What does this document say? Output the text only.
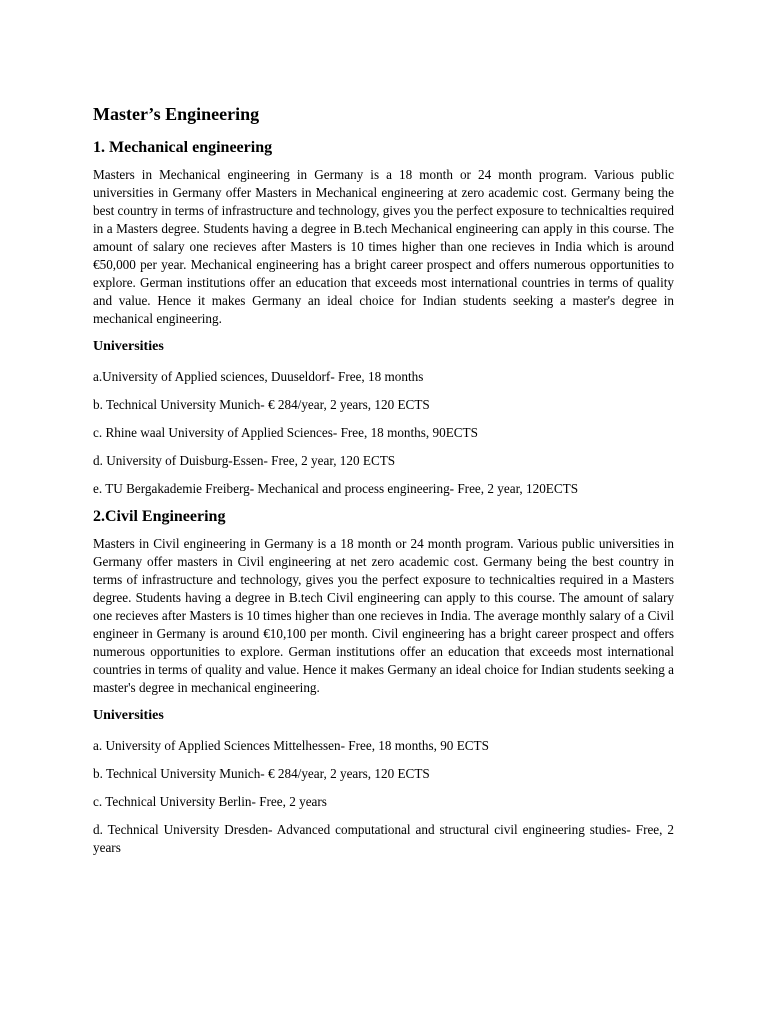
Master’s Engineering
1. Mechanical engineering

Masters in Mechanical engineering in Germany is a 18 month or 24 month program. Various public universities in Germany offer Masters in Mechanical engineering at zero academic cost. Germany being the best country in terms of infrastructure and technology, gives you the perfect exposure to technicalties required in a Masters degree. Students having a degree in B.tech Mechanical engineering can apply in this course. The amount of salary one recieves after Masters is 10 times higher than one recieves in India which is around €50,000 per year. Mechanical engineering has a bright career prospect and offers numerous opportunities to explore. German institutions offer an education that exceeds most international countries in terms of quality and value. Hence it makes Germany an ideal choice for Indian students seeking a master's degree in mechanical engineering.

Universities
a.University of Applied sciences, Duuseldorf- Free, 18 months
b. Technical University Munich- € 284/year, 2 years, 120 ECTS
c. Rhine waal University of Applied Sciences- Free, 18 months, 90ECTS
d. University of Duisburg-Essen- Free, 2 year, 120 ECTS
e. TU Bergakademie Freiberg- Mechanical and process engineering- Free, 2 year, 120ECTS
2.Civil Engineering

Masters in Civil engineering in Germany is a 18 month or 24 month program. Various public universities in Germany offer masters in Civil engineering at net zero academic cost. Germany being the best country in terms of infrastructure and technology, gives you the perfect exposure to technicalties required in a Masters degree. Students having a degree in B.tech Civil engineering can apply to this course. The amount of salary one recieves after Masters is 10 times higher than one recieves in India. The average monthly salary of a Civil engineer in Germany is around €10,100 per month. Civil engineering has a bright career prospect and offers numerous opportunities to explore. German institutions offer an education that exceeds most international countries in terms of quality and value. Hence it makes Germany an ideal choice for Indian students seeking a master's degree in mechanical engineering.

Universities
a. University of Applied Sciences Mittelhessen- Free, 18 months, 90 ECTS
b. Technical University Munich- € 284/year, 2 years, 120 ECTS
c. Technical University Berlin- Free, 2 years
d. Technical University Dresden- Advanced computational and structural civil engineering studies- Free, 2 years
